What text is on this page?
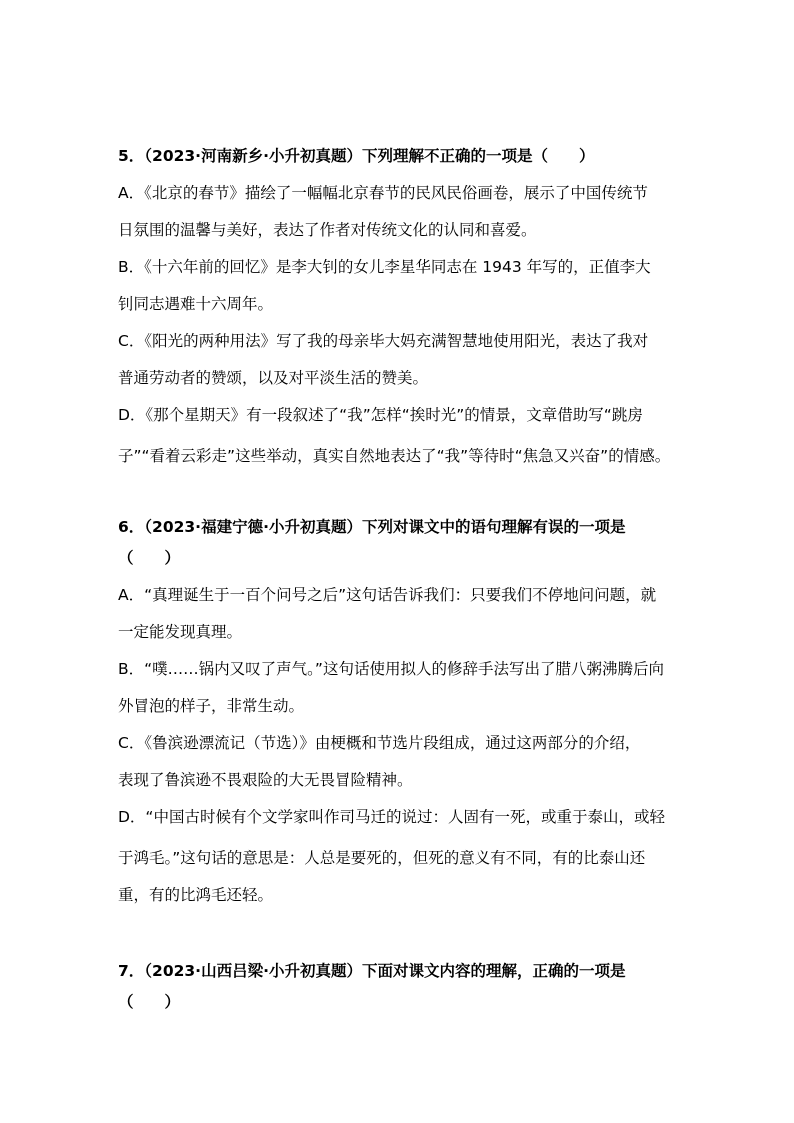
5．（2023·河南新乡·小升初真题）下列理解不正确的一项是（　　）
A．《北京的春节》描绘了一幅幅北京春节的民风民俗画卷，展示了中国传统节
日氛围的温馨与美好，表达了作者对传统文化的认同和喜爱。
B．《十六年前的回忆》是李大钊的女儿李星华同志在 1943 年写的，正值李大
钊同志遇难十六周年。
C．《阳光的两种用法》写了我的母亲毕大妈充满智慧地使用阳光，表达了我对
普通劳动者的赞颂，以及对平淡生活的赞美。
D．《那个星期天》有一段叙述了“我”怎样“挨时光”的情景，文章借助写“跳房
子”“看着云彩走”这些举动，真实自然地表达了“我”等待时“焦急又兴奋”的情感。
6．（2023·福建宁德·小升初真题）下列对课文中的语句理解有误的一项是
（　　）
A．“真理诞生于一百个问号之后”这句话告诉我们：只要我们不停地问问题，就
一定能发现真理。
B．“噗……锅内又叹了声气。”这句话使用拟人的修辞手法写出了腊八粥沸腾后向
外冒泡的样子，非常生动。
C．《鲁滨逊漂流记（节选）》由梗概和节选片段组成，通过这两部分的介绍，
表现了鲁滨逊不畏艰险的大无畏冒险精神。
D．“中国古时候有个文学家叫作司马迁的说过：人固有一死，或重于泰山，或轻
于鸿毛。”这句话的意思是：人总是要死的，但死的意义有不同，有的比泰山还
重，有的比鸿毛还轻。
7．（2023·山西吕梁·小升初真题）下面对课文内容的理解，正确的一项是
（　　）
